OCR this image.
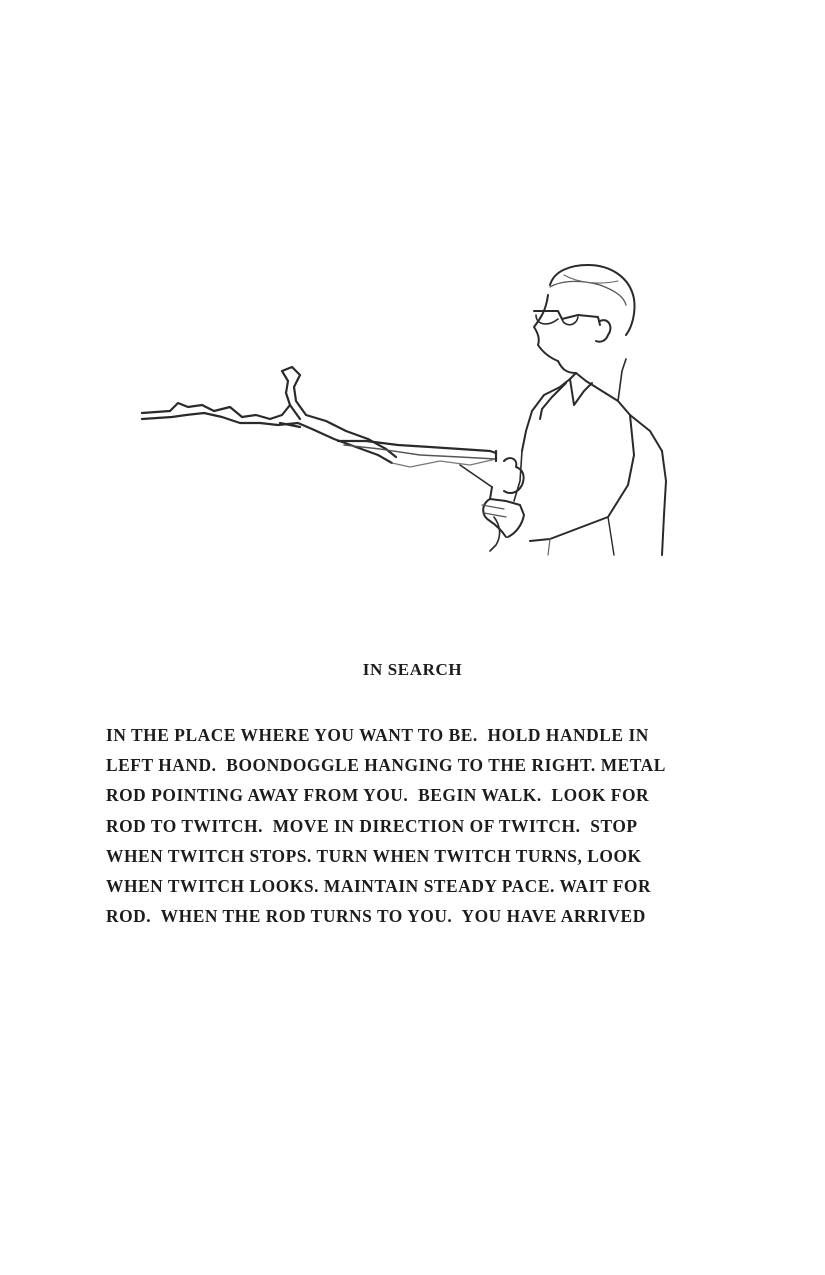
IN SEARCH
IN THE PLACE WHERE YOU WANT TO BE.  HOLD HANDLE IN
LEFT HAND.  BOONDOGGLE HANGING TO THE RIGHT. METAL
ROD POINTING AWAY FROM YOU.  BEGIN WALK.  LOOK FOR
ROD TO TWITCH.  MOVE IN DIRECTION OF TWITCH.  STOP
WHEN TWITCH STOPS. TURN WHEN TWITCH TURNS, LOOK
WHEN TWITCH LOOKS. MAINTAIN STEADY PACE. WAIT FOR
ROD.  WHEN THE ROD TURNS TO YOU.  YOU HAVE ARRIVED
